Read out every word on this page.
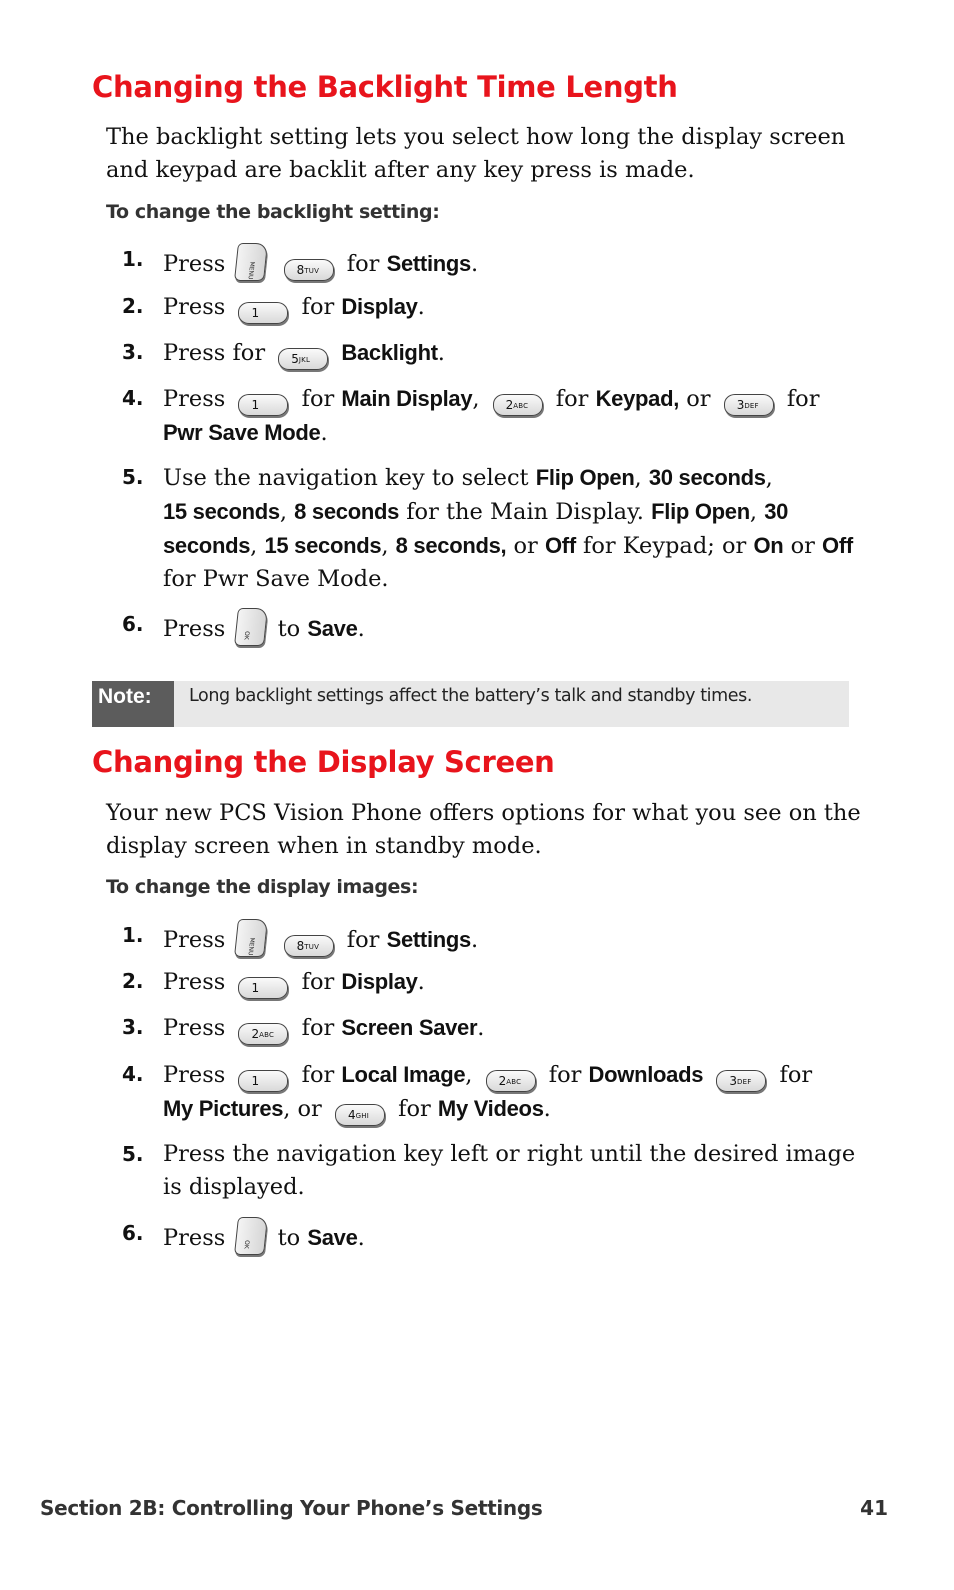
Changing the Backlight Time Length

The backlight setting lets you select how long the display screen and keypad are backlit after any key press is made.

To change the backlight setting:

1. Press	MENU	8TUV for Settings.
2. Press 1 for Display.
3. Press for 5JKL Backlight.
4. Press 1 for Main Display, 2ABC for Keypad, or 3DEF for
Pwr Save Mode.
5. Use the navigation key to select Flip Open, 30 seconds,
15 seconds, 8 seconds for the Main Display. Flip Open, 30 seconds, 15 seconds, 8 seconds, or Off for Keypad; or On or Off for Pwr Save Mode.
6. Press	OK	to Save.
Note:	Long backlight settings affect the battery’s talk and standby times.
Changing the Display Screen

Your new PCS Vision Phone offers options for what you see on the display screen when in standby mode.

To change the display images:

1. Press	MENU	8TUV for Settings.
2. Press 1 for Display.
3. Press 2ABC for Screen Saver.
4. Press 1 for Local Image, 2ABC for Downloads 3DEF for
My Pictures, or 4GHI for My Videos.
5. Press the navigation key left or right until the desired image is displayed.
6. Press	OK	to Save.
Section 2B: Controlling Your Phone’s Settings	41
